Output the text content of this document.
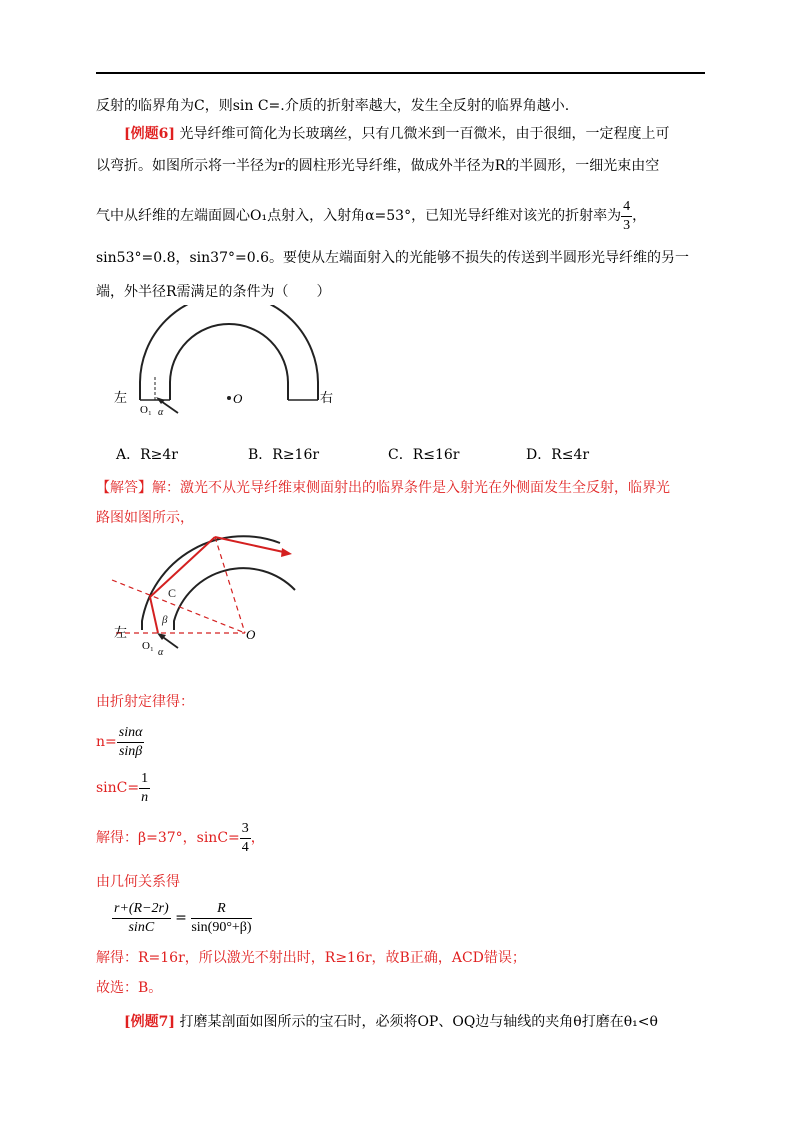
反射的临界角为C，则sin C=.介质的折射率越大，发生全反射的临界角越小.
[例题6] 光导纤维可简化为长玻璃丝，只有几微米到一百微米，由于很细，一定程度上可
以弯折。如图所示将一半径为r的圆柱形光导纤维，做成外半径为R的半圆形，一细光束由空
气中从纤维的左端面圆心O₁点射入，入射角α=53°，已知光导纤维对该光的折射率为 $\frac{4}{3}$ ，
sin53°=0.8，sin37°=0.6。要使从左端面射入的光能够不损失的传送到半圆形光导纤维的另一
端，外半径R需满足的条件为（　　）
左	右
O
O₁ α
A．R≥4r	B．R≥16r	C．R≤16r	D．R≤4r
【解答】解：激光不从光导纤维束侧面射出的临界条件是入射光在外侧面发生全反射，临界光
路图如图所示，
C
β
左	O
O₁
α
由折射定律得：
$n= \frac{\sin\alpha}{\sin\beta}$
$\sin C= \frac{1}{n}$
解得：β=37°，$\sin C= \frac{3}{4}$ ，
由几何关系得
$\frac{r+(R-2r)}{\sin C} = \frac{R}{\sin(90^\circ+\beta)}$
解得：R=16r，所以激光不射出时，R≥16r，故B正确，ACD错误；
故选：B。
[例题7] 打磨某剖面如图所示的宝石时，必须将OP、OQ边与轴线的夹角θ打磨在θ₁<θ
